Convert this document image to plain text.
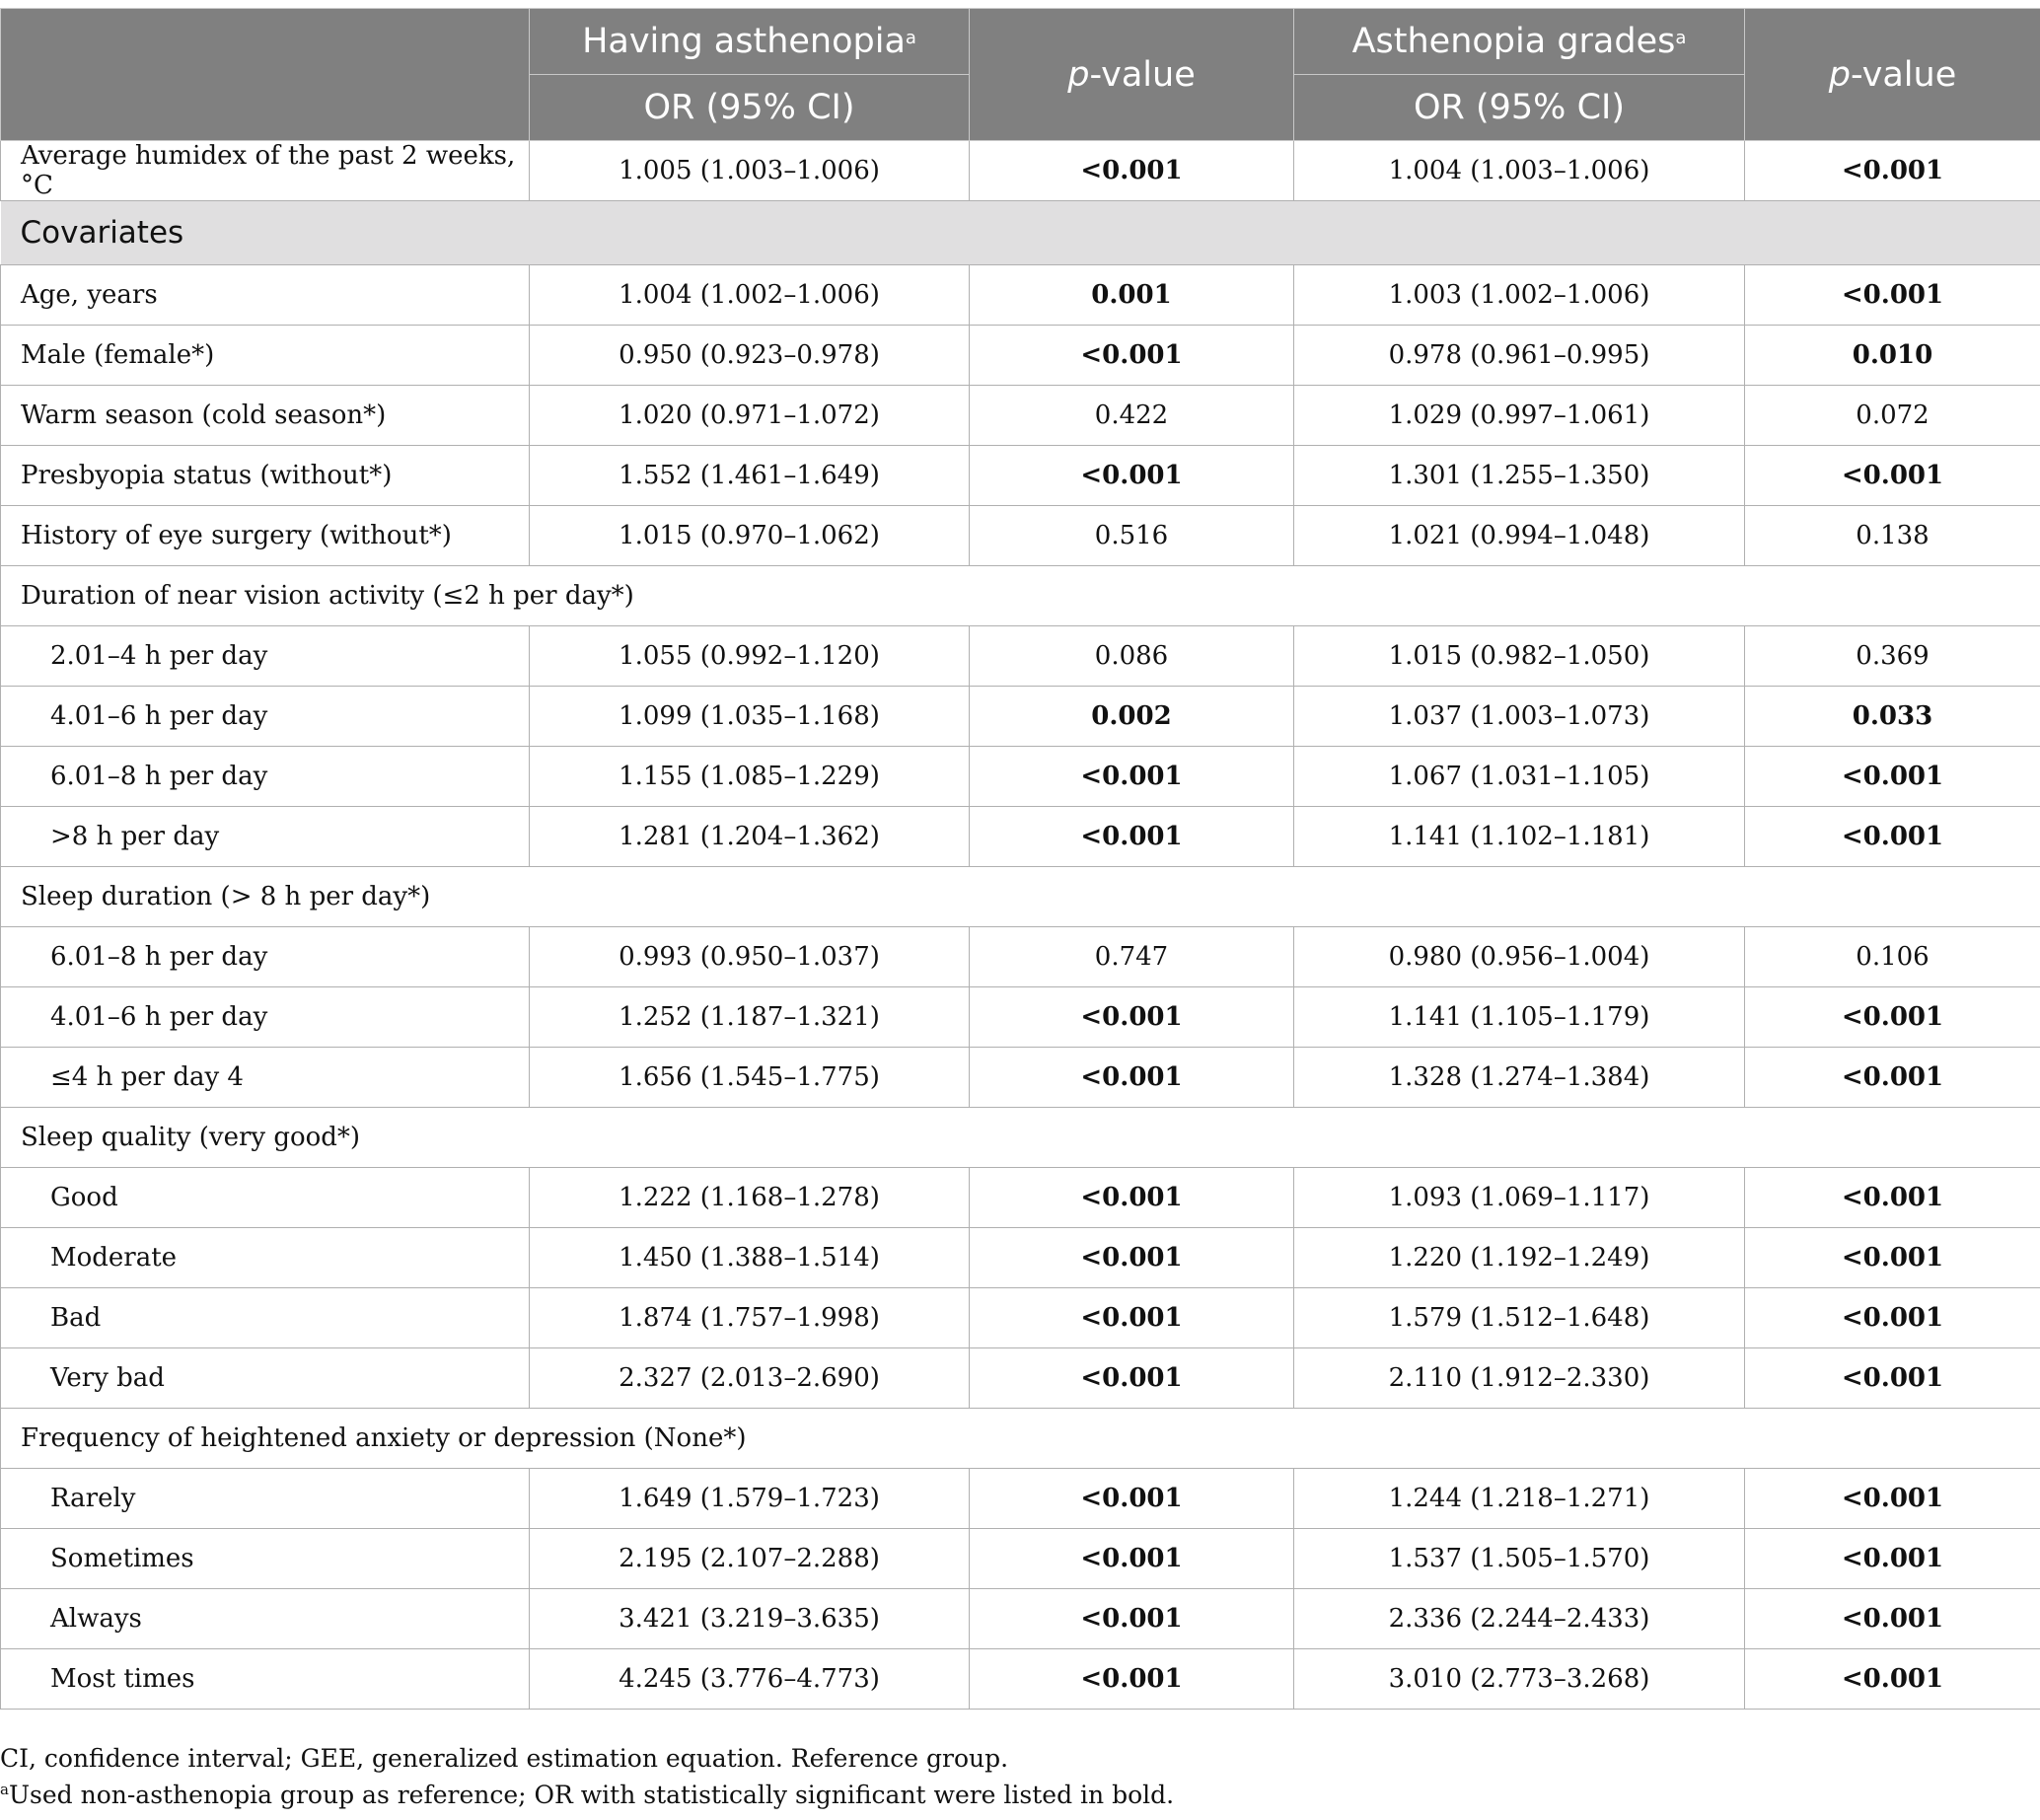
	Having asthenopia$^a$	p-value	Asthenopia grades$^a$	p-value
	OR (95% CI)		OR (95% CI)	
Average humidex of the past 2 weeks, °C	1.005 (1.003–1.006)	<0.001	1.004 (1.003–1.006)	<0.001
Covariates				
Age, years	1.004 (1.002–1.006)	0.001	1.003 (1.002–1.006)	<0.001
Male (female*)	0.950 (0.923–0.978)	<0.001	0.978 (0.961–0.995)	0.010
Warm season (cold season*)	1.020 (0.971–1.072)	0.422	1.029 (0.997–1.061)	0.072
Presbyopia status (without*)	1.552 (1.461–1.649)	<0.001	1.301 (1.255–1.350)	<0.001
History of eye surgery (without*)	1.015 (0.970–1.062)	0.516	1.021 (0.994–1.048)	0.138
Duration of near vision activity (≤2 h per day*)				
2.01–4 h per day	1.055 (0.992–1.120)	0.086	1.015 (0.982–1.050)	0.369
4.01–6 h per day	1.099 (1.035–1.168)	0.002	1.037 (1.003–1.073)	0.033
6.01–8 h per day	1.155 (1.085–1.229)	<0.001	1.067 (1.031–1.105)	<0.001
>8 h per day	1.281 (1.204–1.362)	<0.001	1.141 (1.102–1.181)	<0.001
Sleep duration (> 8 h per day*)				
6.01–8 h per day	0.993 (0.950–1.037)	0.747	0.980 (0.956–1.004)	0.106
4.01–6 h per day	1.252 (1.187–1.321)	<0.001	1.141 (1.105–1.179)	<0.001
≤4 h per day 4	1.656 (1.545–1.775)	<0.001	1.328 (1.274–1.384)	<0.001
Sleep quality (very good*)				
Good	1.222 (1.168–1.278)	<0.001	1.093 (1.069–1.117)	<0.001
Moderate	1.450 (1.388–1.514)	<0.001	1.220 (1.192–1.249)	<0.001
Bad	1.874 (1.757–1.998)	<0.001	1.579 (1.512–1.648)	<0.001
Very bad	2.327 (2.013–2.690)	<0.001	2.110 (1.912–2.330)	<0.001
Frequency of heightened anxiety or depression (None*)				
Rarely	1.649 (1.579–1.723)	<0.001	1.244 (1.218–1.271)	<0.001
Sometimes	2.195 (2.107–2.288)	<0.001	1.537 (1.505–1.570)	<0.001
Always	3.421 (3.219–3.635)	<0.001	2.336 (2.244–2.433)	<0.001
Most times	4.245 (3.776–4.773)	<0.001	3.010 (2.773–3.268)	<0.001
CI, confidence interval; GEE, generalized estimation equation. Reference group.
$^a$Used non-asthenopia group as reference; OR with statistically significant were listed in bold.
